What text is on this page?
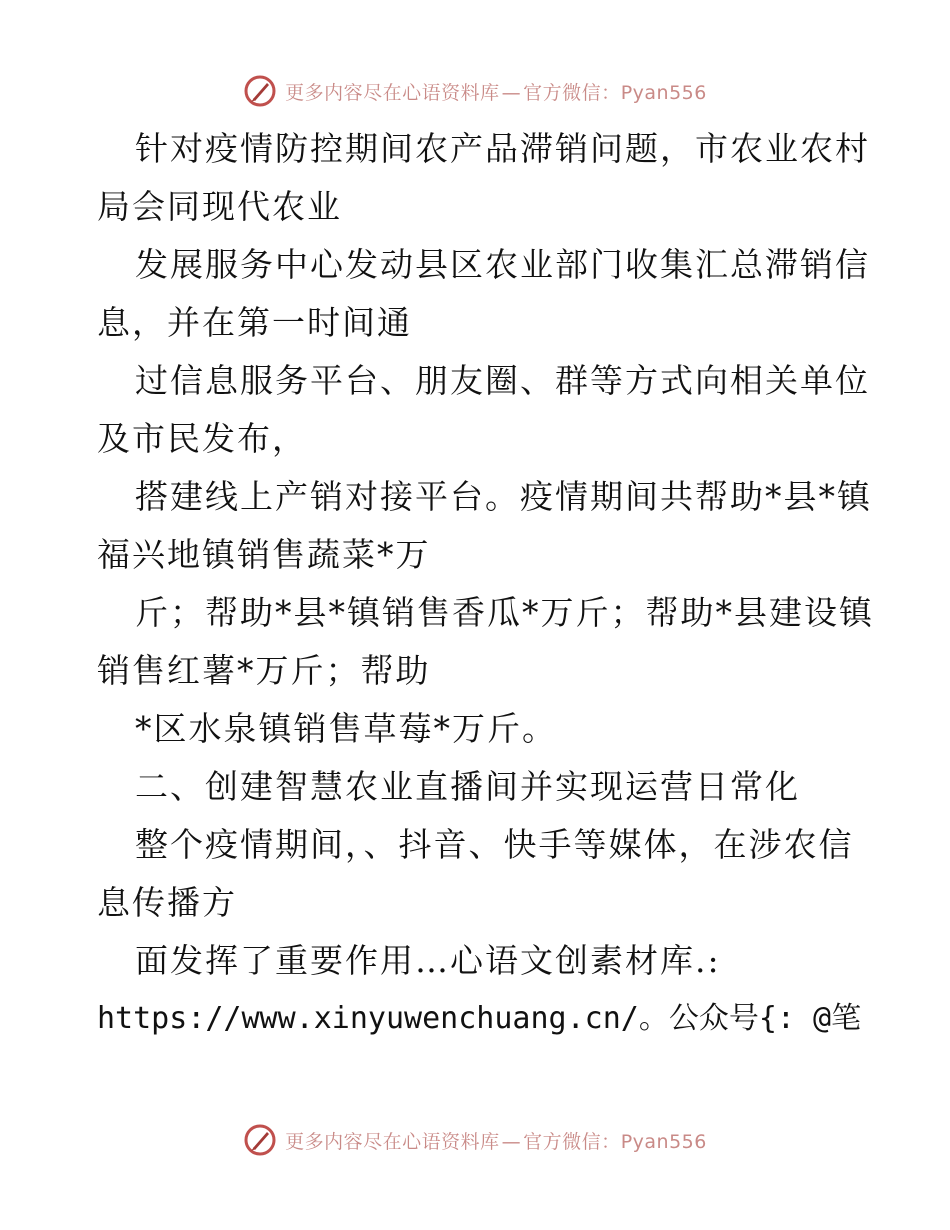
更多内容尽在心语资料库 — 官方微信：Pyan556
针对疫情防控期间农产品滞销问题，市农业农村
局会同现代农业
发展服务中心发动县区农业部门收集汇总滞销信
息，并在第一时间通
过信息服务平台、朋友圈、群等方式向相关单位
及市民发布，
搭建线上产销对接平台。疫情期间共帮助*县*镇
福兴地镇销售蔬菜*万
斤；帮助*县*镇销售香瓜*万斤；帮助*县建设镇
销售红薯*万斤；帮助
*区水泉镇销售草莓*万斤。
二、创建智慧农业直播间并实现运营日常化
整个疫情期间，、抖音、快手等媒体，在涉农信
息传播方
面发挥了重要作用…心语文创素材库.:
https://www.xinyuwenchuang.cn/。公众号{: @笔
更多内容尽在心语资料库 — 官方微信：Pyan556
